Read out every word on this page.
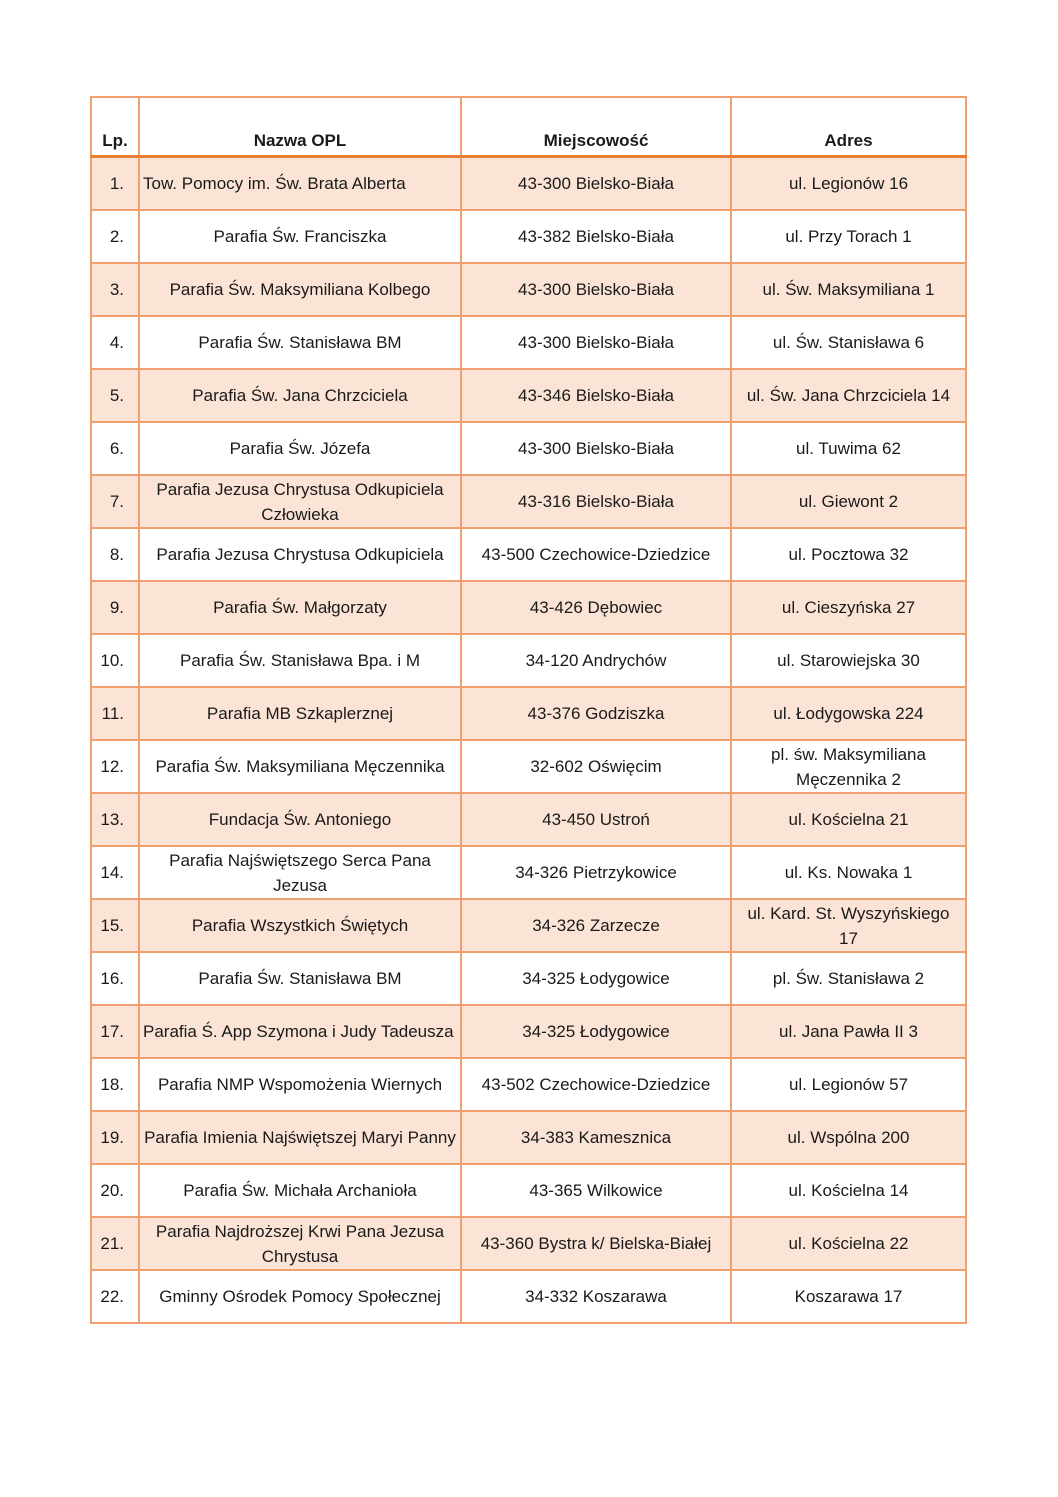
Lp.	Nazwa OPL	Miejscowość	Adres
1.	Tow. Pomocy im. Św. Brata Alberta	43-300 Bielsko-Biała	ul. Legionów 16
2.	Parafia Św. Franciszka	43-382 Bielsko-Biała	ul. Przy Torach 1
3.	Parafia Św. Maksymiliana Kolbego	43-300 Bielsko-Biała	ul. Św. Maksymiliana 1
4.	Parafia Św. Stanisława BM	43-300 Bielsko-Biała	ul. Św. Stanisława 6
5.	Parafia Św. Jana Chrzciciela	43-346 Bielsko-Biała	ul. Św. Jana Chrzciciela 14
6.	Parafia Św. Józefa	43-300 Bielsko-Biała	ul. Tuwima 62
7.	Parafia Jezusa Chrystusa Odkupiciela Człowieka	43-316 Bielsko-Biała	ul. Giewont 2
8.	Parafia Jezusa Chrystusa Odkupiciela	43-500 Czechowice-Dziedzice	ul. Pocztowa 32
9.	Parafia Św. Małgorzaty	43-426 Dębowiec	ul. Cieszyńska 27
10.	Parafia Św. Stanisława Bpa. i M	34-120 Andrychów	ul. Starowiejska 30
11.	Parafia MB Szkaplerznej	43-376 Godziszka	ul. Łodygowska 224
12.	Parafia Św. Maksymiliana Męczennika	32-602 Oświęcim	pl. św. Maksymiliana Męczennika 2
13.	Fundacja Św. Antoniego	43-450 Ustroń	ul. Kościelna 21
14.	Parafia Najświętszego Serca Pana Jezusa	34-326 Pietrzykowice	ul. Ks. Nowaka 1
15.	Parafia Wszystkich Świętych	34-326 Zarzecze	ul. Kard. St. Wyszyńskiego 17
16.	Parafia Św. Stanisława BM	34-325 Łodygowice	pl. Św. Stanisława 2
17.	Parafia Ś. App Szymona i Judy Tadeusza	34-325 Łodygowice	ul. Jana Pawła II 3
18.	Parafia NMP Wspomożenia Wiernych	43-502 Czechowice-Dziedzice	ul. Legionów 57
19.	Parafia Imienia Najświętszej Maryi Panny	34-383 Kamesznica	ul. Wspólna 200
20.	Parafia Św. Michała Archanioła	43-365 Wilkowice	ul. Kościelna 14
21.	Parafia Najdroższej Krwi Pana Jezusa Chrystusa	43-360 Bystra k/ Bielska-Białej	ul. Kościelna 22
22.	Gminny Ośrodek Pomocy Społecznej	34-332 Koszarawa	Koszarawa 17
